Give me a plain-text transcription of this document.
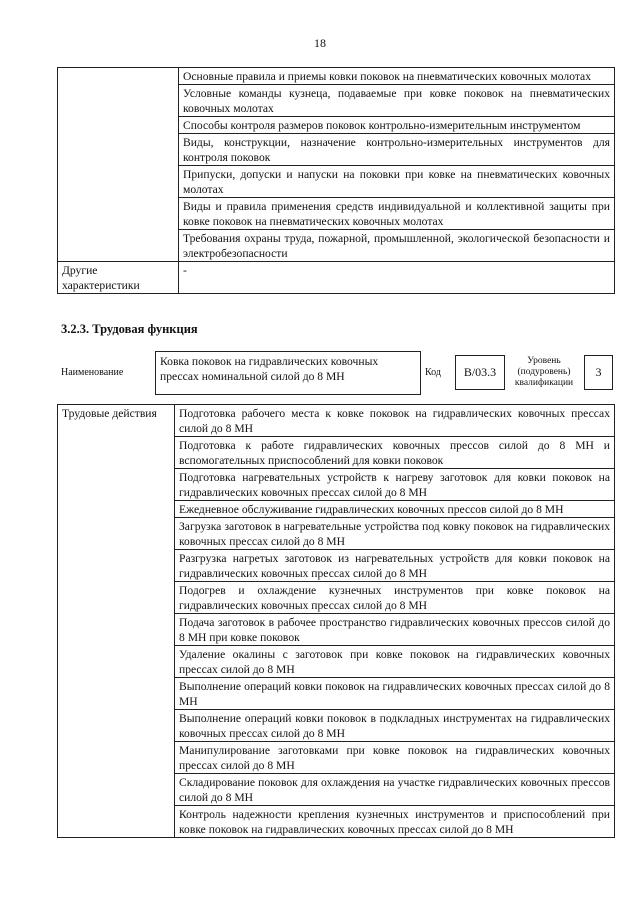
18
	Основные правила и приемы ковки поковок на пневматических ковочных молотах
	Условные команды кузнеца, подаваемые при ковке поковок на пневматических ковочных молотах
	Способы контроля размеров поковок контрольно-измерительным инструментом
	Виды, конструкции, назначение контрольно-измерительных инструментов для контроля поковок
	Припуски, допуски и напуски на поковки при ковке на пневматических ковочных молотах
	Виды и правила применения средств индивидуальной и коллективной защиты при ковке поковок на пневматических ковочных молотах
	Требования охраны труда, пожарной, промышленной, экологической безопасности и электробезопасности
Другие характеристики	-
3.2.3. Трудовая функция
Наименование
Ковка поковок на гидравлических ковочных прессах номинальной силой до 8 МН	Код	В/03.3
Уровень (подуровень) квалификации
3
Трудовые действия	Подготовка рабочего места к ковке поковок на гидравлических ковочных прессах силой до 8 МН
Подготовка к работе гидравлических ковочных прессов силой до 8 МН и вспомогательных приспособлений для ковки поковок
Подготовка нагревательных устройств к нагреву заготовок для ковки поковок на гидравлических ковочных прессах силой до 8 МН
Ежедневное обслуживание гидравлических ковочных прессов силой до 8 МН
Загрузка заготовок в нагревательные устройства под ковку поковок на гидравлических ковочных прессах силой до 8 МН
Разгрузка нагретых заготовок из нагревательных устройств для ковки поковок на гидравлических ковочных прессах силой до 8 МН
Подогрев и охлаждение кузнечных инструментов при ковке поковок на гидравлических ковочных прессах силой до 8 МН
Подача заготовок в рабочее пространство гидравлических ковочных прессов силой до 8 МН при ковке поковок
Удаление окалины с заготовок при ковке поковок на гидравлических ковочных прессах силой до 8 МН
Выполнение операций ковки поковок на гидравлических ковочных прессах силой до 8 МН
Выполнение операций ковки поковок в подкладных инструментах на гидравлических ковочных прессах силой до 8 МН
Манипулирование заготовками при ковке поковок на гидравлических ковочных прессах силой до 8 МН
Складирование поковок для охлаждения на участке гидравлических ковочных прессов силой до 8 МН
Контроль надежности крепления кузнечных инструментов и приспособлений при ковке поковок на гидравлических ковочных прессах силой до 8 МН
